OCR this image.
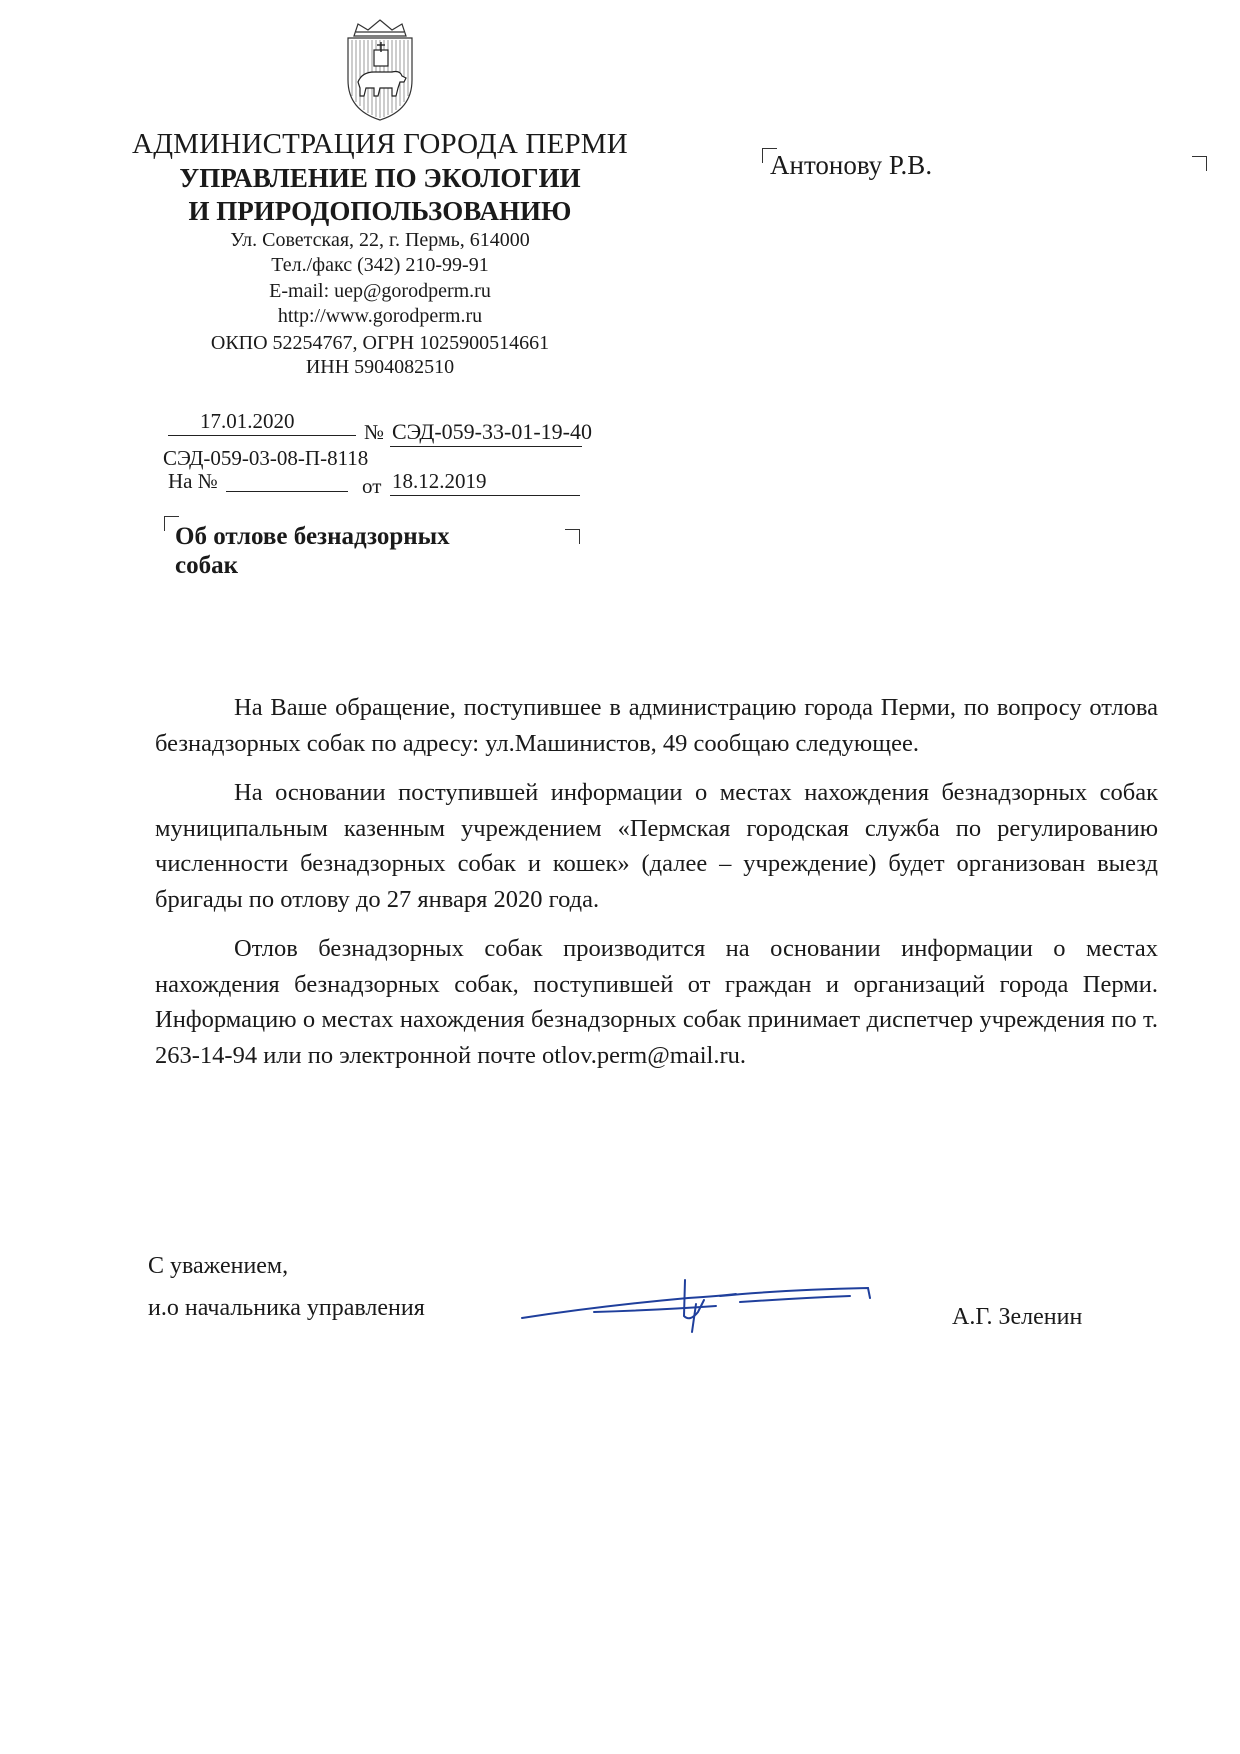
АДМИНИСТРАЦИЯ ГОРОДА ПЕРМИ
УПРАВЛЕНИЕ ПО ЭКОЛОГИИ
И ПРИРОДОПОЛЬЗОВАНИЮ
Ул. Советская, 22, г. Пермь, 614000
Тел./факс (342) 210-99-91
E-mail: uep@gorodperm.ru
http://www.gorodperm.ru
ОКПО 52254767, ОГРН 1025900514661
ИНН 5904082510
Антонову Р.В.
17.01.2020	№ СЭД-059-33-01-19-40
СЭД-059-03-08-П-8118
На №	от 18.12.2019
Об отлове безнадзорных
собак

На Ваше обращение, поступившее в администрацию города Перми, по вопросу отлова безнадзорных собак по адресу: ул.Машинистов, 49 сообщаю следующее.

На основании поступившей информации о местах нахождения безнадзорных собак муниципальным казенным учреждением «Пермская городская служба по регулированию численности безнадзорных собак и кошек» (далее – учреждение) будет организован выезд бригады по отлову до 27 января 2020 года.

Отлов безнадзорных собак производится на основании информации о местах нахождения безнадзорных собак, поступившей от граждан и организаций города Перми. Информацию о местах нахождения безнадзорных собак принимает диспетчер учреждения по т. 263-14-94 или по электронной почте otlov.perm@mail.ru.

С уважением,
и.о начальника управления	А.Г. Зеленин
